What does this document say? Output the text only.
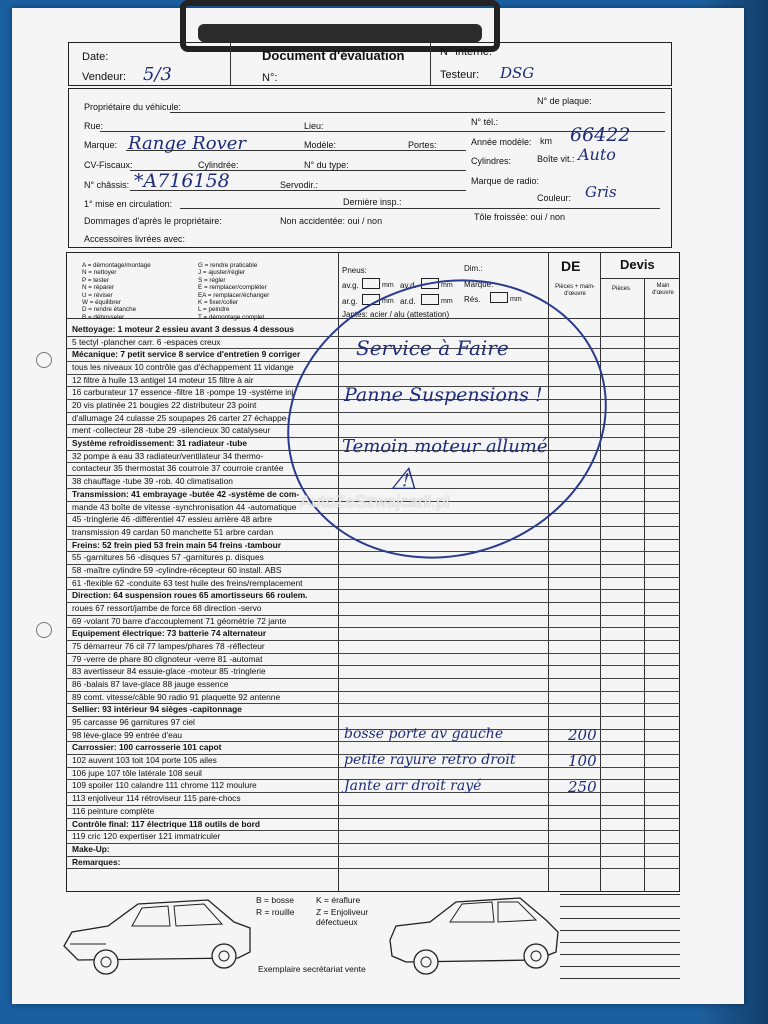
Date:	Document d'évaluation	N° interne:
Vendeur: 5/3	N°:	Testeur: DSG
Propriétaire du véhicule:
N° de plaque:
Rue:	Lieu:	N° tél.:
Marque: Range Rover	Modèle:	Portes:	Année modèle: km 66422
CV-Fiscaux:	Cylindrée:	N° du type:	Cylindres:	Boîte vit.: Auto
N° châssis: *A716158	Servodir.:	Marque de radio:
1° mise en circulation:	Dernière insp.:	Couleur: Gris
Dommages d'après le propriétaire:	Non accidentée: oui / non	Tôle froissée: oui / non
Accessoires livrées avec:
A = démontage/montage
N = nettoyer
P = tester
N = réparer
U = réviser
W = équilibrer
D = rendre étanche
B = débosseler
G = rendre praticable
J = ajuster/régler
S = régler
E = remplacer/compléter
EA = remplacer/échanger
K = fixer/coller
L = peindre
T = démontage complet
Pneus:	Dim.:
av.g.	mm av.d.	mm Marque:
ar.g.	mm ar.d.	mm Rés.	mm
Jantes: acier / alu (attestation)
DE	Devis
Pièces + main-d'œuvre
Pièces	Main d'œuvre
Nettoyage: 1 moteur 2 essieu avant 3 dessus 4 dessous
5 tectyl -plancher carr. 6 -espaces creux
Mécanique: 7 petit service 8 service d'entretien 9 corriger
tous les niveaux 10 contrôle gas d'échappement 11 vidange
12 filtre à huile 13 antigel 14 moteur 15 filtre à air
16 carburateur 17 essence -filtre 18 -pompe 19 -système inj.
20 vis platinée 21 bougies 22 distributeur 23 point
d'allumage 24 culasse 25 soupapes 26 carter 27 échappe-
ment -collecteur 28 -tube 29 -silencieux 30 catalyseur
Système refroidissement: 31 radiateur -tube
32 pompe à eau 33 radiateur/ventilateur 34 thermo-
contacteur 35 thermostat 36 courroie 37 courroie crantée
38 chauffage -tube 39 -rob. 40 climatisation
Transmission: 41 embrayage -butée 42 -système de com-
mande 43 boîte de vitesse -synchronisation 44 -automatique
45 -tringlerie 46 -différentiel 47 essieu arrière 48 arbre
transmission 49 cardan 50 manchette 51 arbre cardan
Freins: 52 frein pied 53 frein main 54 freins -tambour
55 -garnitures 56 -disques 57 -garnitures p. disques
58 -maître cylindre 59 -cylindre-récepteur 60 install. ABS
61 -flexible 62 -conduite 63 test huile des freins/remplacement
Direction: 64 suspension roues 65 amortisseurs 66 roulem.
roues 67 ressort/jambe de force 68 direction -servo
69 -volant 70 barre d'accouplement 71 géométrie 72 jante
Equipement électrique: 73 batterie 74 alternateur
75 démarreur 76 cil 77 lampes/phares 78 -réflecteur
79 -verre de phare 80 clignoteur -verre 81 -automat
83 avertisseur 84 essuie-glace -moteur 85 -tringlerie
86 -balais 87 lave-glace 88 jauge essence
89 comt. vitesse/câble 90 radio 91 plaquette 92 antenne
Sellier: 93 intérieur 94 sièges -capitonnage
95 carcasse 96 garnitures 97 ciel
98 lève-glace 99 entrée d'eau
Carrossier: 100 carrosserie 101 capot
102 auvent 103 toit 104 porte 105 ailes
106 jupe 107 tôle latérale 108 seuil
109 spoiler 110 calandre 111 chrome 112 moulure
113 enjoliveur 114 rétroviseur 115 pare-chocs
116 peinture complète
Contrôle final: 117 électrique 118 outils de bord
119 cric 120 expertiser 121 immatriculer
Make-Up:
Remarques:
Service à Faire
Panne Suspensions !
Temoin moteur allumé
⚠
AutoZeSzwajcarii.pl
bosse porte av gauche	200
petite rayure retro droit	100
Jante arr droit rayé	250
B = bosse
R = rouille
K = éraflure
Z = Enjoliveur défectueux
Exemplaire secrétariat vente
